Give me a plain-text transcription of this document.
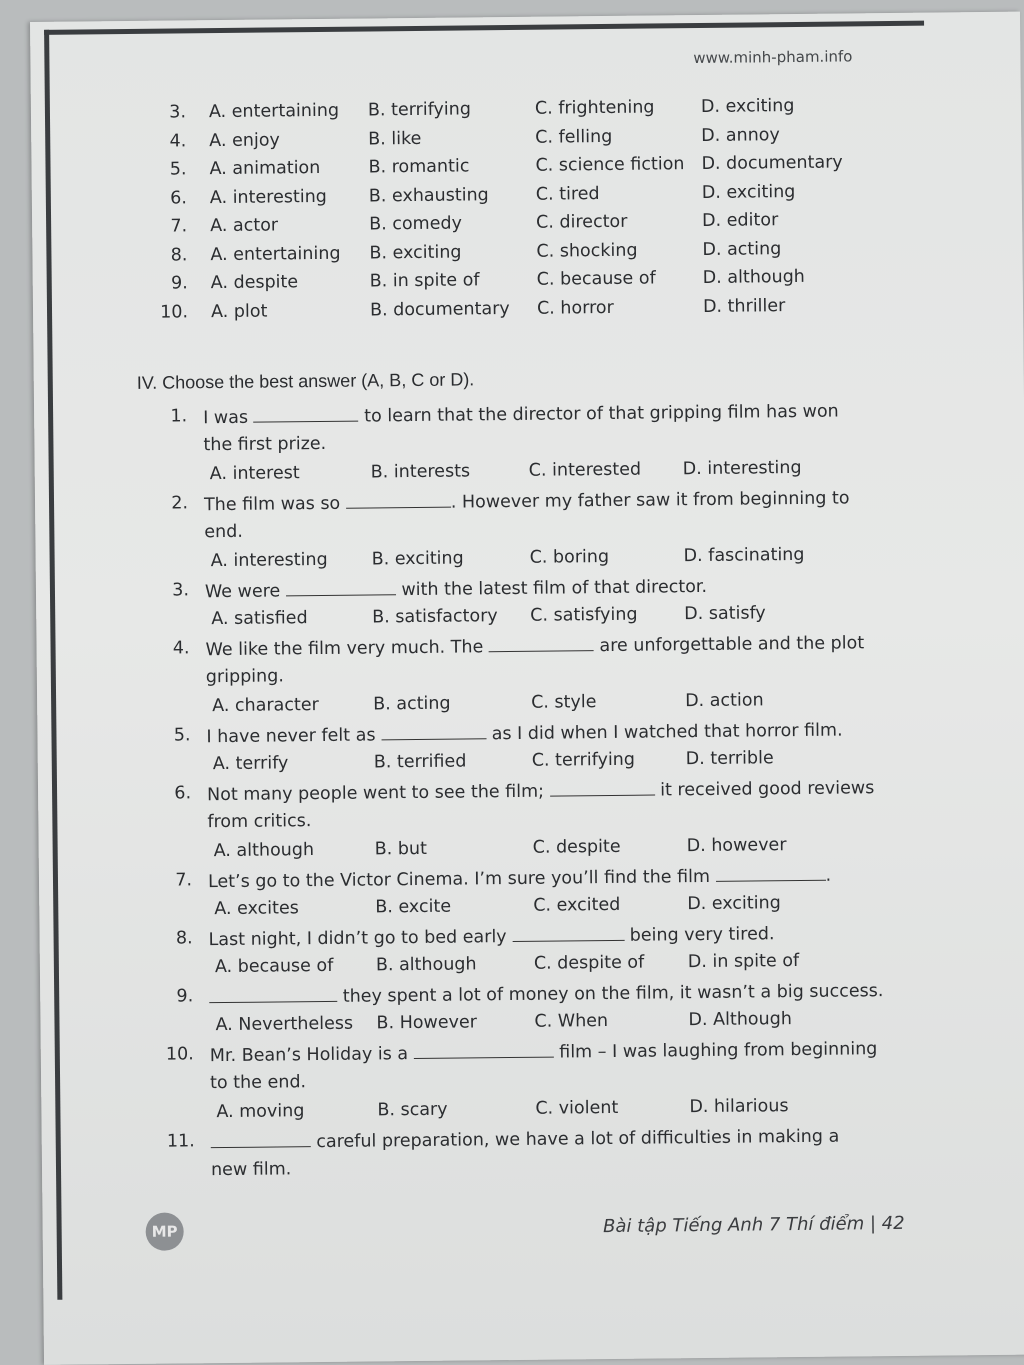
www.minh-pham.info
3. A. entertaining B. terrifying	C. frightening	D. exciting
4. A. enjoy	B. like	C. felling	D. annoy
5. A. animation	B. romantic	C. science fiction D. documentary
6. A. interesting B. exhausting	C. tired	D. exciting
7. A. actor	B. comedy	C. director	D. editor
8. A. entertaining B. exciting	C. shocking	D. acting
9. A. despite	B. in spite of	C. because of	D. although
10. A. plot	B. documentary C. horror	D. thriller
IV. Choose the best answer (A, B, C or D).
1. I was	to learn that the director of that gripping film has won
the first prize.
A. interest	B. interests	C. interested D. interesting
2. The film was so	. However my father saw it from beginning to
end.
A. interesting	B. exciting	C. boring	D. fascinating
3. We were	with the latest film of that director.
A. satisfied	B. satisfactory C. satisfying	D. satisfy
4. We like the film very much. The	are unforgettable and the plot
gripping.
A. character	B. acting	C. style	D. action
5. I have never felt as	as I did when I watched that horror film.
A. terrify	B. terrified	C. terrifying	D. terrible
6. Not many people went to see the film;	it received good reviews
from critics.
A. although	B. but	C. despite	D. however
7. Let’s go to the Victor Cinema. I’m sure you’ll find the film	.
A. excites	B. excite	C. excited	D. exciting
8. Last night, I didn’t go to bed early	being very tired.
A. because of B. although	C. despite of D. in spite of
9.	they spent a lot of money on the film, it wasn’t a big success.
A. Nevertheless B. However	C. When	D. Although
10. Mr. Bean’s Holiday is a	film – I was laughing from beginning
to the end.
A. moving	B. scary	C. violent	D. hilarious
11.	careful preparation, we have a lot of difficulties in making a
new film.
MP	Bài tập Tiếng Anh 7 Thí điểm | 42
